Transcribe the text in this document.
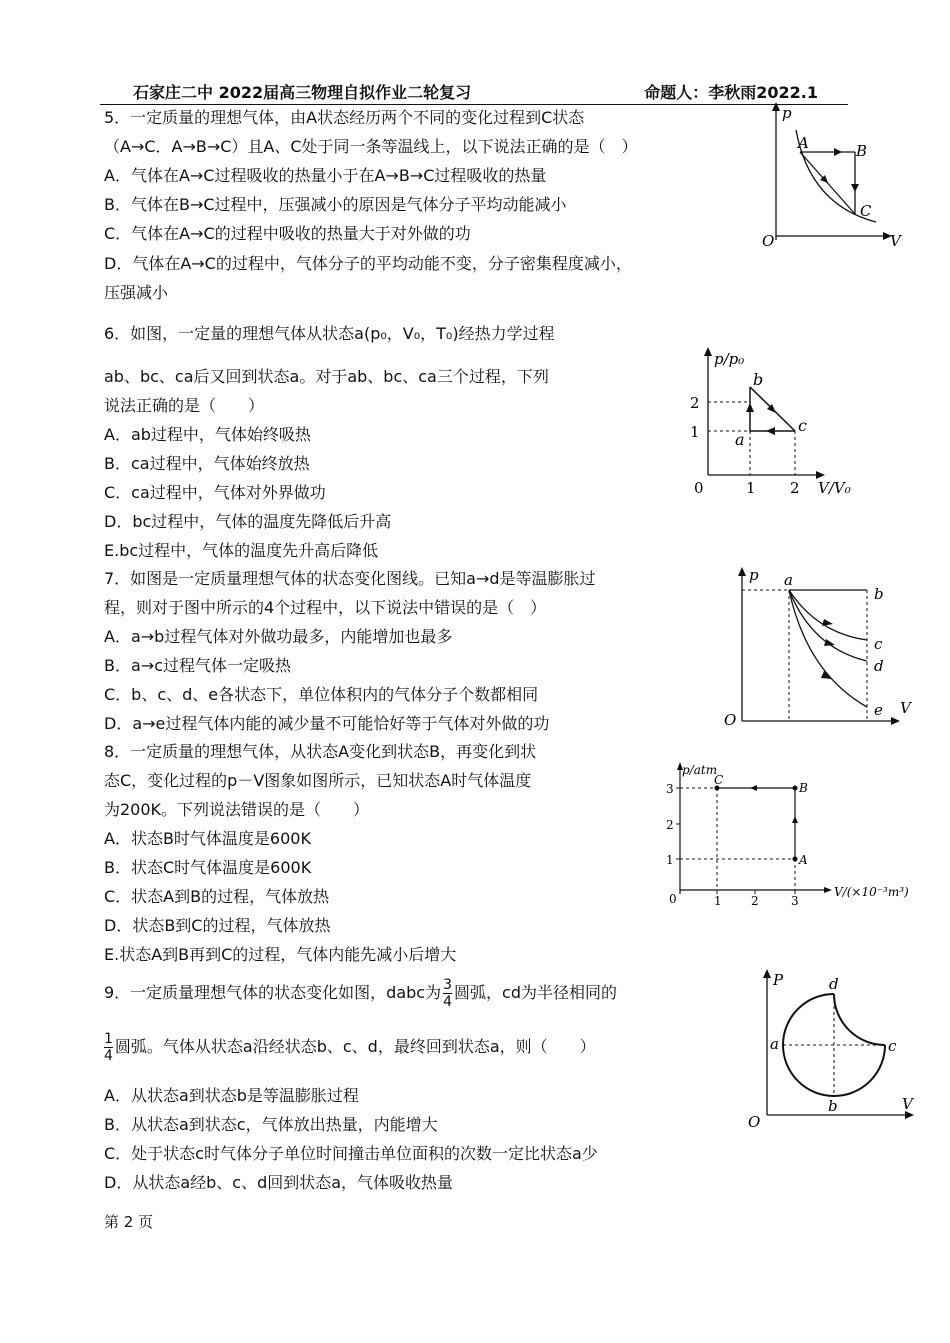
石家庄二中 2022届高三物理自拟作业二轮复习	命题人：李秋雨2022.1
5．一定质量的理想气体，由A状态经历两个不同的变化过程到C状态
（A→C．A→B→C）且A、C处于同一条等温线上，以下说法正确的是（　）
A．气体在A→C过程吸收的热量小于在A→B→C过程吸收的热量
B．气体在B→C过程中，压强减小的原因是气体分子平均动能减小
C．气体在A→C的过程中吸收的热量大于对外做的功
D．气体在A→C的过程中，气体分子的平均动能不变，分子密集程度减小，
压强减小
p
V
O
A	B
C
6．如图，一定量的理想气体从状态a(p₀，V₀，T₀)经热力学过程
ab、bc、ca后又回到状态a。对于ab、bc、ca三个过程，下列
说法正确的是（　　）
A．ab过程中，气体始终吸热
B．ca过程中，气体始终放热
C．ca过程中，气体对外界做功
D．bc过程中，气体的温度先降低后升高
E.bc过程中，气体的温度先升高后降低
p/p₀
V/V₀
0	1 2
2
1 a
b
c
7．如图是一定质量理想气体的状态变化图线。已知a→d是等温膨胀过
程，则对于图中所示的4个过程中，以下说法中错误的是（　）
A．a→b过程气体对外做功最多，内能增加也最多
B．a→c过程气体一定吸热
C．b、c、d、e各状态下，单位体积内的气体分子个数都相同
D．a→e过程气体内能的减少量不可能恰好等于气体对外做的功
p
V
O
a
b
c
d
e
8．一定质量的理想气体，从状态A变化到状态B，再变化到状
态C，变化过程的p－V图象如图所示，已知状态A时气体温度
为200K。下列说法错误的是（　　）
A．状态B时气体温度是600K
B．状态C时气体温度是600K
C．状态A到B的过程，气体放热
D．状态B到C的过程，气体放热
E.状态A到B再到C的过程，气体内能先减小后增大
p/atm
V/(×10⁻³m³)
0	1 2	3
3
2
1	A
B
C
9．一定质量理想气体的状态变化如图，dabc为 $\frac{3}{4}$ 圆弧，cd为半径相同的
$\frac{1}{4}$ 圆弧。气体从状态a沿经状态b、c、d，最终回到状态a，则（　　）
A．从状态a到状态b是等温膨胀过程
B．从状态a到状态c，气体放出热量，内能增大
C．处于状态c时气体分子单位时间撞击单位面积的次数一定比状态a少
D．从状态a经b、c、d回到状态a，气体吸收热量
P
V
O
a
b
c
d
第 2 页
